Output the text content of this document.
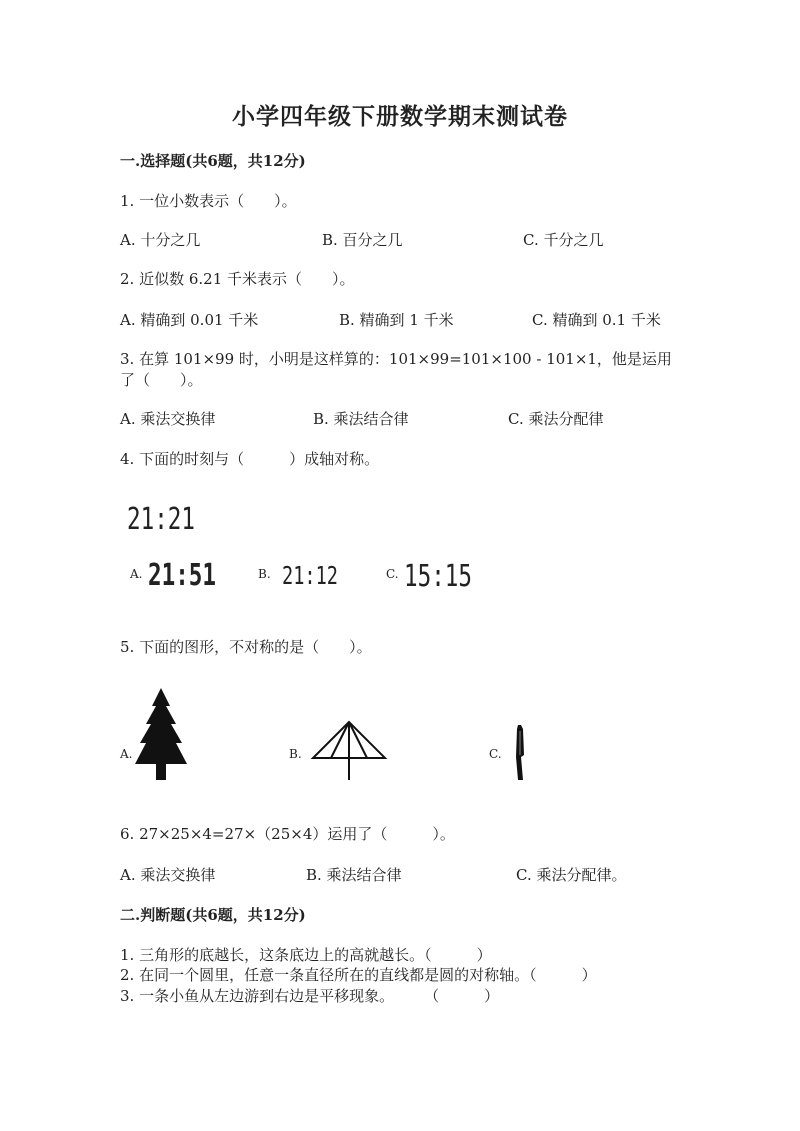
小学四年级下册数学期末测试卷
一.选择题(共6题，共12分)
1. 一位小数表示（　　）。
A. 十分之几	B. 百分之几	C. 千分之几
2. 近似数 6.21 千米表示（　　）。
A. 精确到 0.01 千米	B. 精确到 1 千米	C. 精确到 0.1 千米
3. 在算 101×99 时，小明是这样算的：101×99=101×100 - 101×1，他是运用
了（　　）。
A. 乘法交换律	B. 乘法结合律	C. 乘法分配律
4. 下面的时刻与（　　　）成轴对称。
21:21
A. 21:51	B. 21:12	C. 15:15
5. 下面的图形，不对称的是（　　）。
A.	B.	C.
6. 27×25×4=27×（25×4）运用了（　　　）。
A. 乘法交换律	B. 乘法结合律	C. 乘法分配律。
二.判断题(共6题，共12分)
1. 三角形的底越长，这条底边上的高就越长。（　　　）
2. 在同一个圆里，任意一条直径所在的直线都是圆的对称轴。（　　　）
3. 一条小鱼从左边游到右边是平移现象。　　　（　　　）
